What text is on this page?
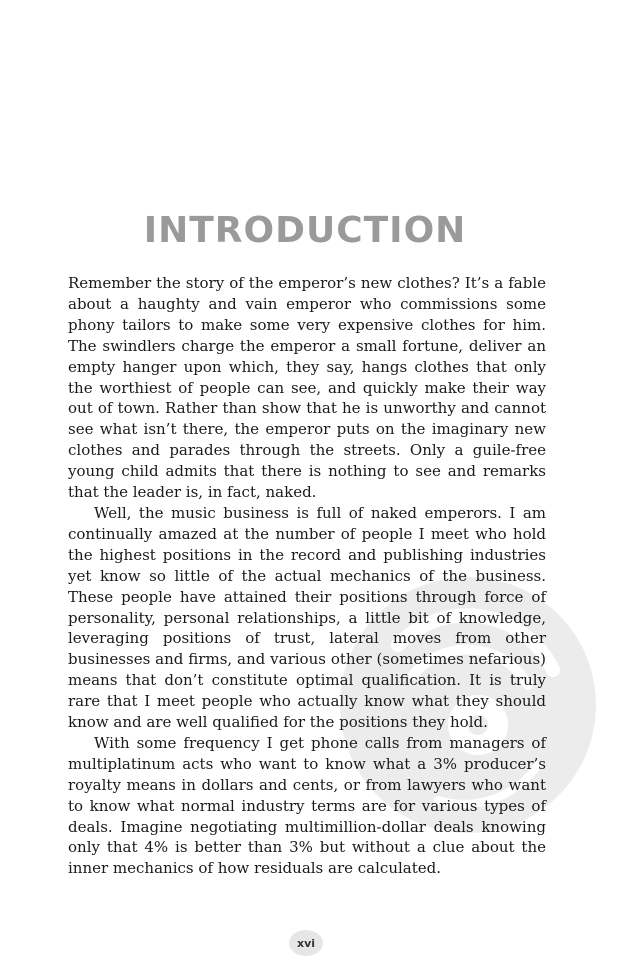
INTRODUCTION

Remember the story of the emperor’s new clothes? It’s a fable about a haughty and vain emperor who commissions some phony tailors to make some very expensive clothes for him. The swindlers charge the emperor a small fortune, deliver an empty hanger upon which, they say, hangs clothes that only the worthiest of people can see, and quickly make their way out of town. Rather than show that he is unworthy and cannot see what isn’t there, the emperor puts on the imaginary new clothes and parades through the streets. Only a guile-free young child admits that there is nothing to see and remarks that the leader is, in fact, naked.

Well, the music business is full of naked emperors. I am continually amazed at the number of people I meet who hold the highest positions in the record and publishing industries yet know so little of the actual mechanics of the business. These people have attained their positions through force of personality, personal relationships, a little bit of knowledge, leveraging positions of trust, lateral moves from other businesses and firms, and various other (sometimes nefarious) means that don’t constitute optimal qualification. It is truly rare that I meet people who actually know what they should know and are well qualified for the positions they hold.

With some frequency I get phone calls from managers of multiplatinum acts who want to know what a 3% producer’s royalty means in dollars and cents, or from lawyers who want to know what normal industry terms are for various types of deals. Imagine negotiating multimillion-dollar deals knowing only that 4% is better than 3% but without a clue about the inner mechanics of how residuals are calculated.

xvi
